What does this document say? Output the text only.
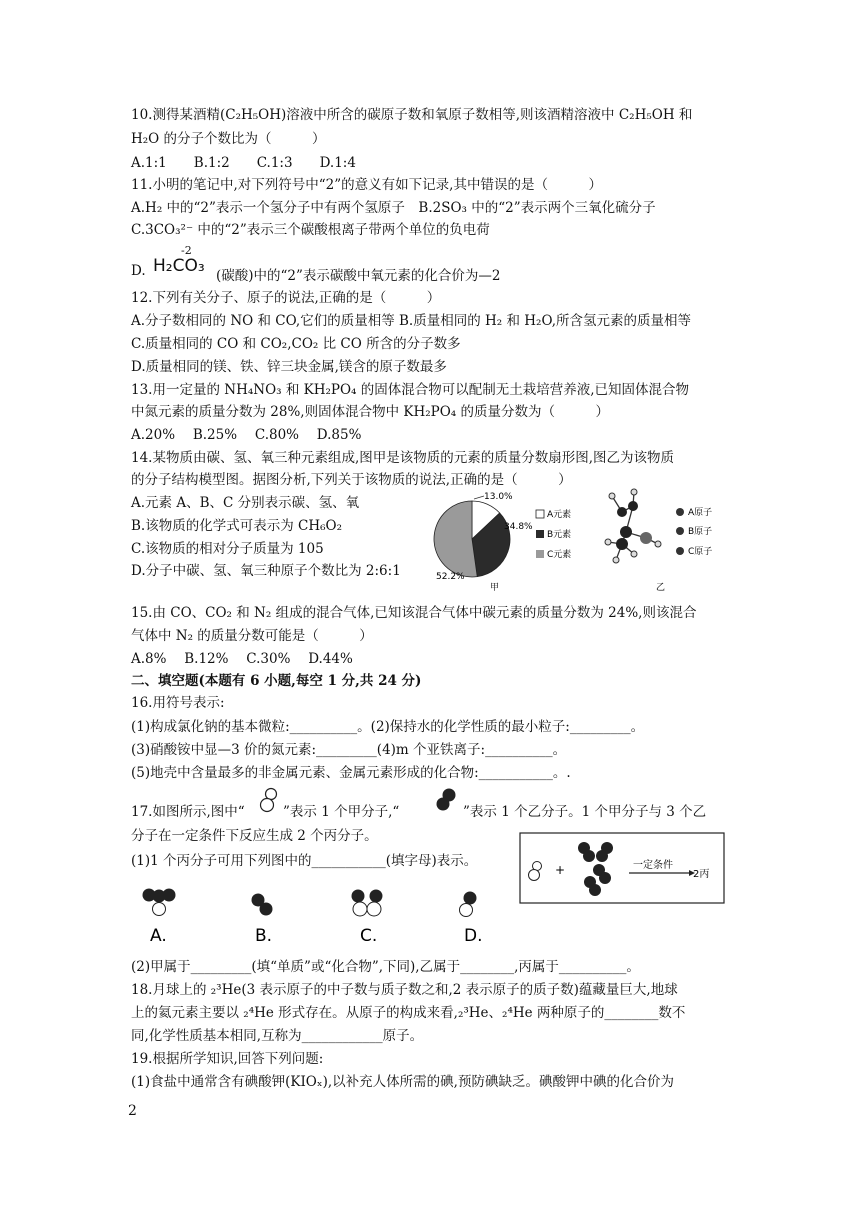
10.测得某酒精(C₂H₅OH)溶液中所含的碳原子数和氧原子数相等,则该酒精溶液中 C₂H₅OH 和
H₂O 的分子个数比为（　　　）
A.1:1　　B.1:2　　C.1:3　　D.1:4
11.小明的笔记中,对下列符号中“2”的意义有如下记录,其中错误的是（　　　）
A.H₂ 中的“2”表示一个氢分子中有两个氢原子　B.2SO₃ 中的“2”表示两个三氧化硫分子
C.3CO₃²⁻ 中的“2”表示三个碳酸根离子带两个单位的负电荷
D.
-2
H₂CO₃ (碳酸)中的“2”表示碳酸中氧元素的化合价为—2
12.下列有关分子、原子的说法,正确的是（　　　）
A.分子数相同的 NO 和 CO,它们的质量相等 B.质量相同的 H₂ 和 H₂O,所含氢元素的质量相等
C.质量相同的 CO 和 CO₂,CO₂ 比 CO 所含的分子数多
D.质量相同的镁、铁、锌三块金属,镁含的原子数最多
13.用一定量的 NH₄NO₃ 和 KH₂PO₄ 的固体混合物可以配制无土栽培营养液,已知固体混合物
中氮元素的质量分数为 28%,则固体混合物中 KH₂PO₄ 的质量分数为（　　　）
A.20%　 B.25%　 C.80%　 D.85%
14.某物质由碳、氢、氧三种元素组成,图甲是该物质的元素的质量分数扇形图,图乙为该物质
的分子结构模型图。据图分析,下列关于该物质的说法,正确的是（　　　）
A.元素 A、B、C 分别表示碳、氢、氧
B.该物质的化学式可表示为 CH₆O₂
C.该物质的相对分子质量为 105
D.分子中碳、氢、氧三种原子个数比为 2:6:1
13.0%
34.8%
52.2%
甲
A元素
B元素
C元素
A原子
B原子
C原子
乙
15.由 CO、CO₂ 和 N₂ 组成的混合气体,已知该混合气体中碳元素的质量分数为 24%,则该混合
气体中 N₂ 的质量分数可能是（　　　）
A.8%　 B.12%　 C.30%　 D.44%
二、填空题(本题有 6 小题,每空 1 分,共 24 分)
16.用符号表示:
(1)构成氯化钠的基本微粒:__________。(2)保持水的化学性质的最小粒子:_________。
(3)硝酸铵中显—3 价的氮元素:_________(4)m 个亚铁离子:__________。
(5)地壳中含量最多的非金属元素、金属元素形成的化合物:___________。.
17.如图所示,图中“	”表示 1 个甲分子,“	”表示 1 个乙分子。1 个甲分子与 3 个乙
分子在一定条件下反应生成 2 个丙分子。
(1)1 个丙分子可用下列图中的___________(填字母)表示。
+	一定条件
2丙
A.	B.	C.	D.
(2)甲属于_________(填“单质”或“化合物”,下同),乙属于________,丙属于__________。
18.月球上的 ₂³He(3 表示原子的中子数与质子数之和,2 表示原子的质子数)蕴藏量巨大,地球
上的氦元素主要以 ₂⁴He 形式存在。从原子的构成来看,₂³He、₂⁴He 两种原子的________数不
同,化学性质基本相同,互称为____________原子。
19.根据所学知识,回答下列问题:
(1)食盐中通常含有碘酸钾(KIOₓ),以补充人体所需的碘,预防碘缺乏。碘酸钾中碘的化合价为
2
